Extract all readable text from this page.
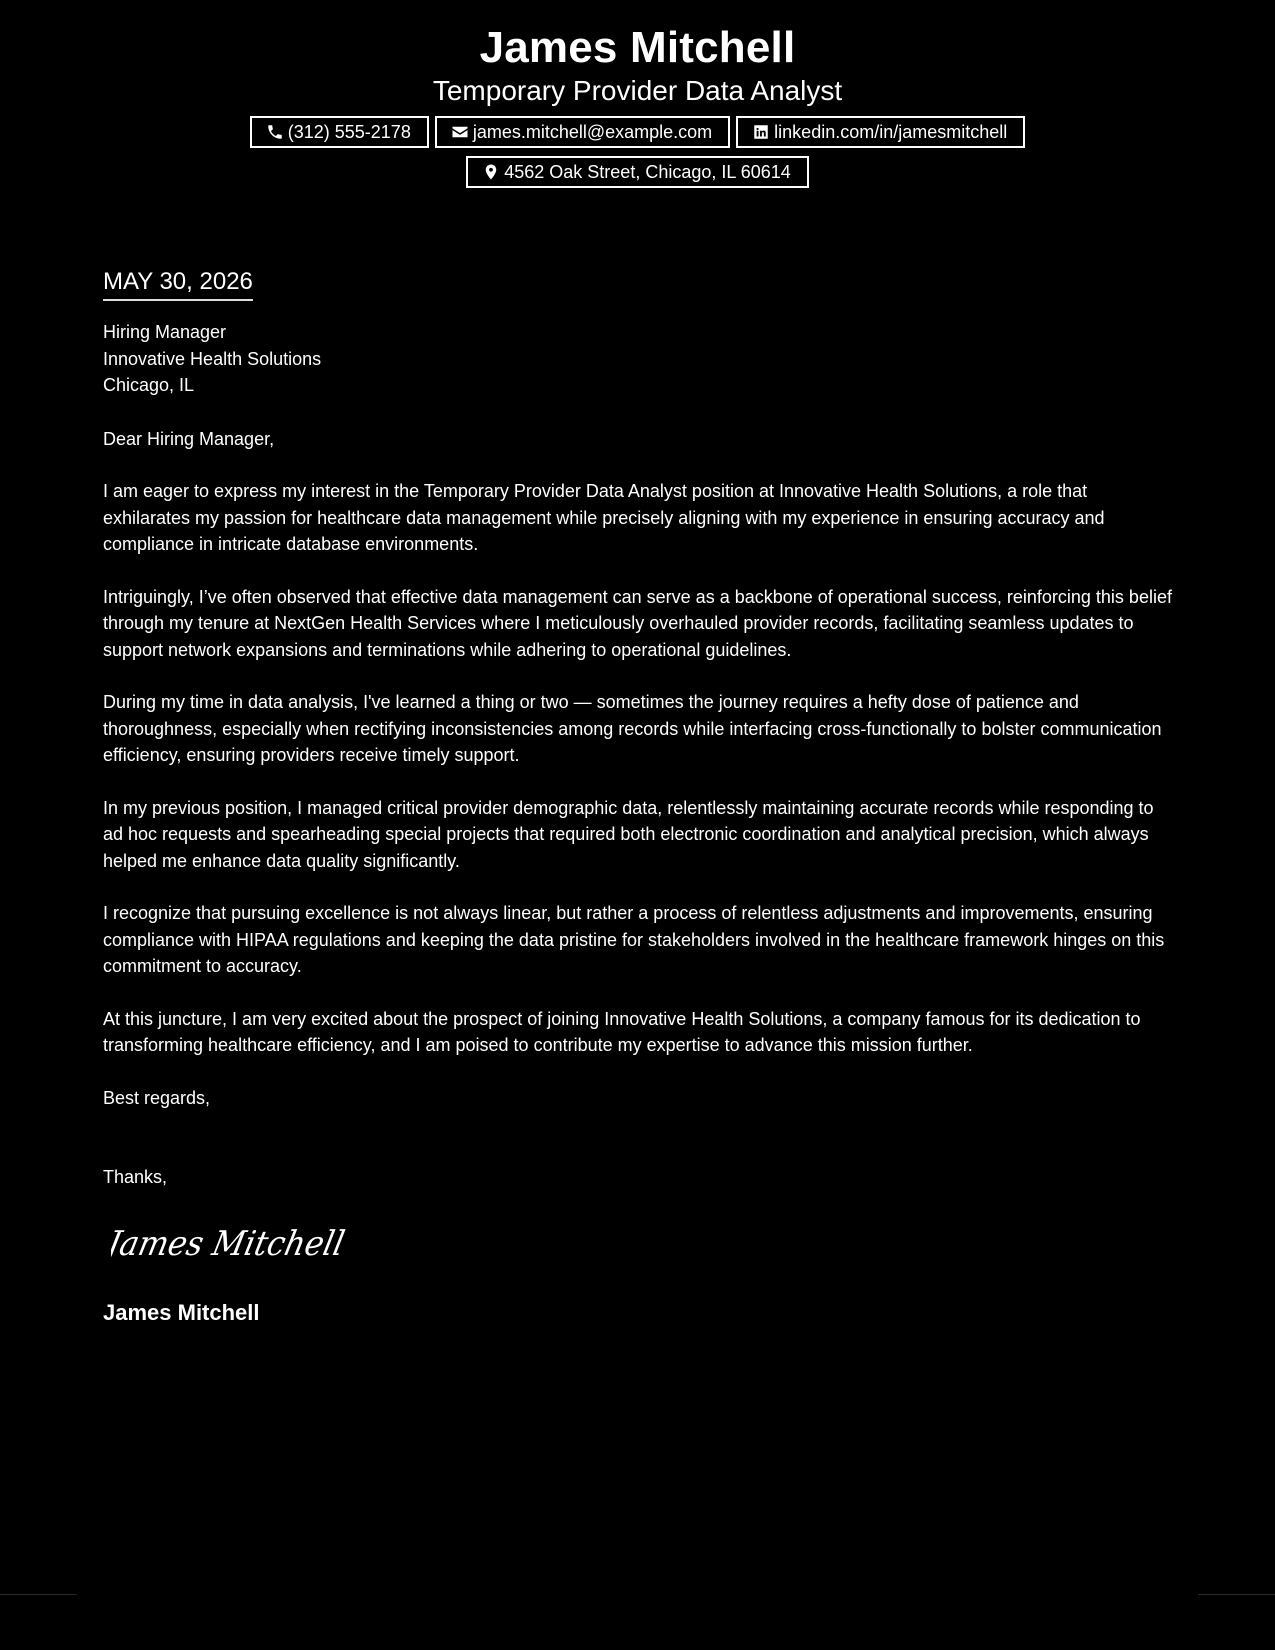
James Mitchell
Temporary Provider Data Analyst
(312) 555-2178	james.mitchell@example.com	linkedin.com/in/jamesmitchell
4562 Oak Street, Chicago, IL 60614
MAY 30, 2026
Hiring Manager
Innovative Health Solutions
Chicago, IL
Dear Hiring Manager,
I am eager to express my interest in the Temporary Provider Data Analyst position at Innovative Health Solutions, a role that exhilarates my passion for healthcare data management while precisely aligning with my experience in ensuring accuracy and compliance in intricate database environments.
Intriguingly, I’ve often observed that effective data management can serve as a backbone of operational success, reinforcing this belief through my tenure at NextGen Health Services where I meticulously overhauled provider records, facilitating seamless updates to support network expansions and terminations while adhering to operational guidelines.
During my time in data analysis, I've learned a thing or two — sometimes the journey requires a hefty dose of patience and thoroughness, especially when rectifying inconsistencies among records while interfacing cross-functionally to bolster communication efficiency, ensuring providers receive timely support.
In my previous position, I managed critical provider demographic data, relentlessly maintaining accurate records while responding to ad hoc requests and spearheading special projects that required both electronic coordination and analytical precision, which always helped me enhance data quality significantly.
I recognize that pursuing excellence is not always linear, but rather a process of relentless adjustments and improvements, ensuring compliance with HIPAA regulations and keeping the data pristine for stakeholders involved in the healthcare framework hinges on this commitment to accuracy.
At this juncture, I am very excited about the prospect of joining Innovative Health Solutions, a company famous for its dedication to transforming healthcare efficiency, and I am poised to contribute my expertise to advance this mission further.
Best regards,
Thanks,
James Mitchell
James Mitchell
